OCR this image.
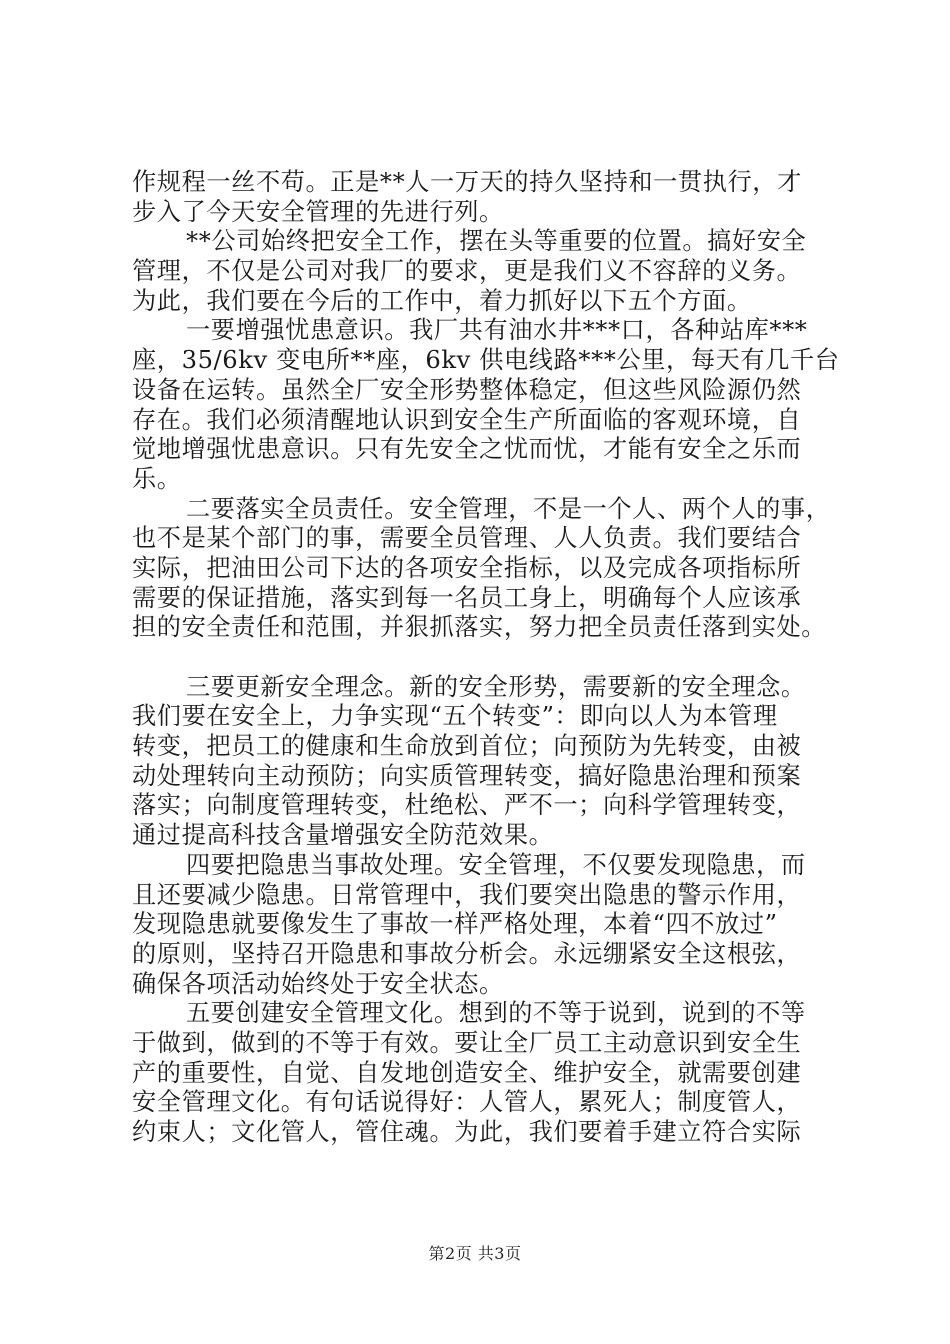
作规程一丝不苟。正是**人一万天的持久坚持和一贯执行，才
步入了今天安全管理的先进行列。
**公司始终把安全工作，摆在头等重要的位置。搞好安全
管理，不仅是公司对我厂的要求，更是我们义不容辞的义务。
为此，我们要在今后的工作中，着力抓好以下五个方面。
一要增强忧患意识。我厂共有油水井***口，各种站库***
座，35/6kv 变电所**座，6kv 供电线路***公里，每天有几千台
设备在运转。虽然全厂安全形势整体稳定，但这些风险源仍然
存在。我们必须清醒地认识到安全生产所面临的客观环境，自
觉地增强忧患意识。只有先安全之忧而忧，才能有安全之乐而
乐。
二要落实全员责任。安全管理，不是一个人、两个人的事，
也不是某个部门的事，需要全员管理、人人负责。我们要结合
实际，把油田公司下达的各项安全指标，以及完成各项指标所
需要的保证措施，落实到每一名员工身上，明确每个人应该承
担的安全责任和范围，并狠抓落实，努力把全员责任落到实处。
三要更新安全理念。新的安全形势，需要新的安全理念。
我们要在安全上，力争实现“五个转变”：即向以人为本管理
转变，把员工的健康和生命放到首位；向预防为先转变，由被
动处理转向主动预防；向实质管理转变，搞好隐患治理和预案
落实；向制度管理转变，杜绝松、严不一；向科学管理转变，
通过提高科技含量增强安全防范效果。
四要把隐患当事故处理。安全管理，不仅要发现隐患，而
且还要减少隐患。日常管理中，我们要突出隐患的警示作用，
发现隐患就要像发生了事故一样严格处理，本着“四不放过”
的原则，坚持召开隐患和事故分析会。永远绷紧安全这根弦，
确保各项活动始终处于安全状态。
五要创建安全管理文化。想到的不等于说到，说到的不等
于做到，做到的不等于有效。要让全厂员工主动意识到安全生
产的重要性，自觉、自发地创造安全、维护安全，就需要创建
安全管理文化。有句话说得好：人管人，累死人；制度管人，
约束人；文化管人，管住魂。为此，我们要着手建立符合实际
第2页 共3页
